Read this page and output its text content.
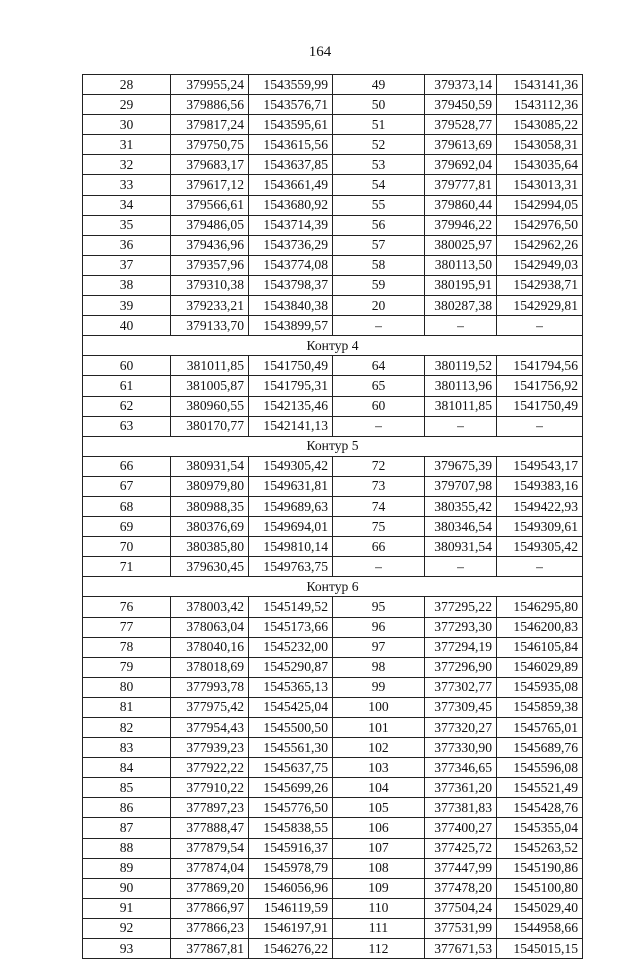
164
28	379955,24	1543559,99	49	379373,14	1543141,36
29	379886,56	1543576,71	50	379450,59	1543112,36
30	379817,24	1543595,61	51	379528,77	1543085,22
31	379750,75	1543615,56	52	379613,69	1543058,31
32	379683,17	1543637,85	53	379692,04	1543035,64
33	379617,12	1543661,49	54	379777,81	1543013,31
34	379566,61	1543680,92	55	379860,44	1542994,05
35	379486,05	1543714,39	56	379946,22	1542976,50
36	379436,96	1543736,29	57	380025,97	1542962,26
37	379357,96	1543774,08	58	380113,50	1542949,03
38	379310,38	1543798,37	59	380195,91	1542938,71
39	379233,21	1543840,38	20	380287,38	1542929,81
40	379133,70	1543899,57	–	–	–
Контур 4					
60	381011,85	1541750,49	64	380119,52	1541794,56
61	381005,87	1541795,31	65	380113,96	1541756,92
62	380960,55	1542135,46	60	381011,85	1541750,49
63	380170,77	1542141,13	–	–	–
Контур 5					
66	380931,54	1549305,42	72	379675,39	1549543,17
67	380979,80	1549631,81	73	379707,98	1549383,16
68	380988,35	1549689,63	74	380355,42	1549422,93
69	380376,69	1549694,01	75	380346,54	1549309,61
70	380385,80	1549810,14	66	380931,54	1549305,42
71	379630,45	1549763,75	–	–	–
Контур 6					
76	378003,42	1545149,52	95	377295,22	1546295,80
77	378063,04	1545173,66	96	377293,30	1546200,83
78	378040,16	1545232,00	97	377294,19	1546105,84
79	378018,69	1545290,87	98	377296,90	1546029,89
80	377993,78	1545365,13	99	377302,77	1545935,08
81	377975,42	1545425,04	100	377309,45	1545859,38
82	377954,43	1545500,50	101	377320,27	1545765,01
83	377939,23	1545561,30	102	377330,90	1545689,76
84	377922,22	1545637,75	103	377346,65	1545596,08
85	377910,22	1545699,26	104	377361,20	1545521,49
86	377897,23	1545776,50	105	377381,83	1545428,76
87	377888,47	1545838,55	106	377400,27	1545355,04
88	377879,54	1545916,37	107	377425,72	1545263,52
89	377874,04	1545978,79	108	377447,99	1545190,86
90	377869,20	1546056,96	109	377478,20	1545100,80
91	377866,97	1546119,59	110	377504,24	1545029,40
92	377866,23	1546197,91	111	377531,99	1544958,66
93	377867,81	1546276,22	112	377671,53	1545015,15
